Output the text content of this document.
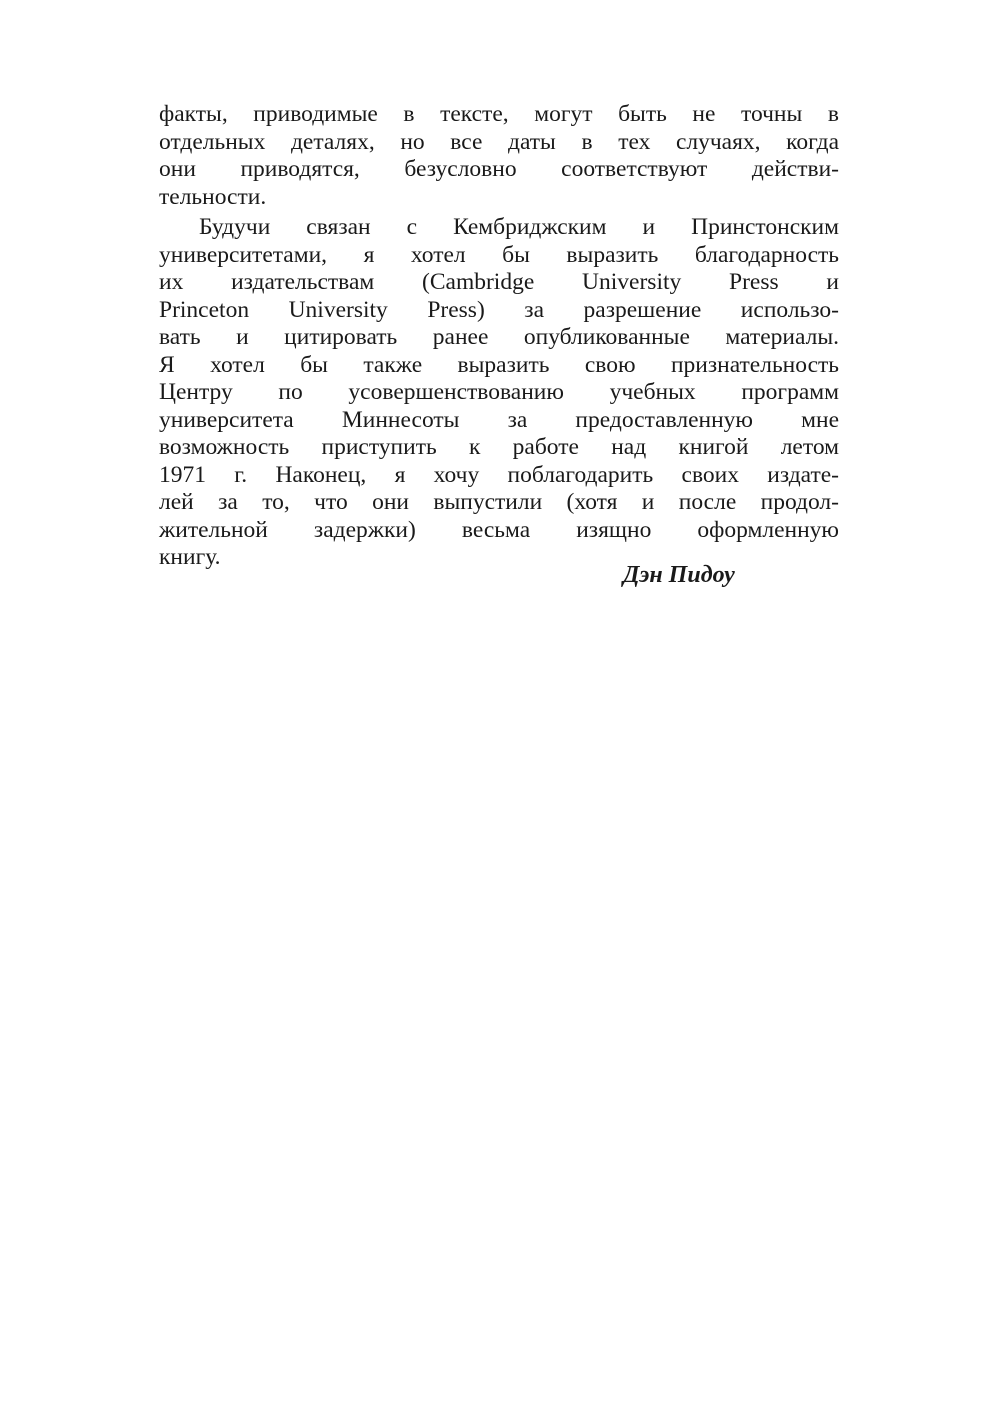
факты, приводимые в тексте, могут быть не точны в
отдельных деталях, но все даты в тех случаях, когда
они приводятся, безусловно соответствуют действи-
тельности.
Будучи связан с Кембриджским и Принстонским
университетами, я хотел бы выразить благодарность
их издательствам (Cambridge University Press и
Princeton University Press) за разрешение использо-
вать и цитировать ранее опубликованные материалы.
Я хотел бы также выразить свою признательность
Центру по усовершенствованию учебных программ
университета Миннесоты за предоставленную мне
возможность приступить к работе над книгой летом
1971 г. Наконец, я хочу поблагодарить своих издате-
лей за то, что они выпустили (хотя и после продол-
жительной задержки) весьма изящно оформленную
книгу.
Дэн Пидоу
